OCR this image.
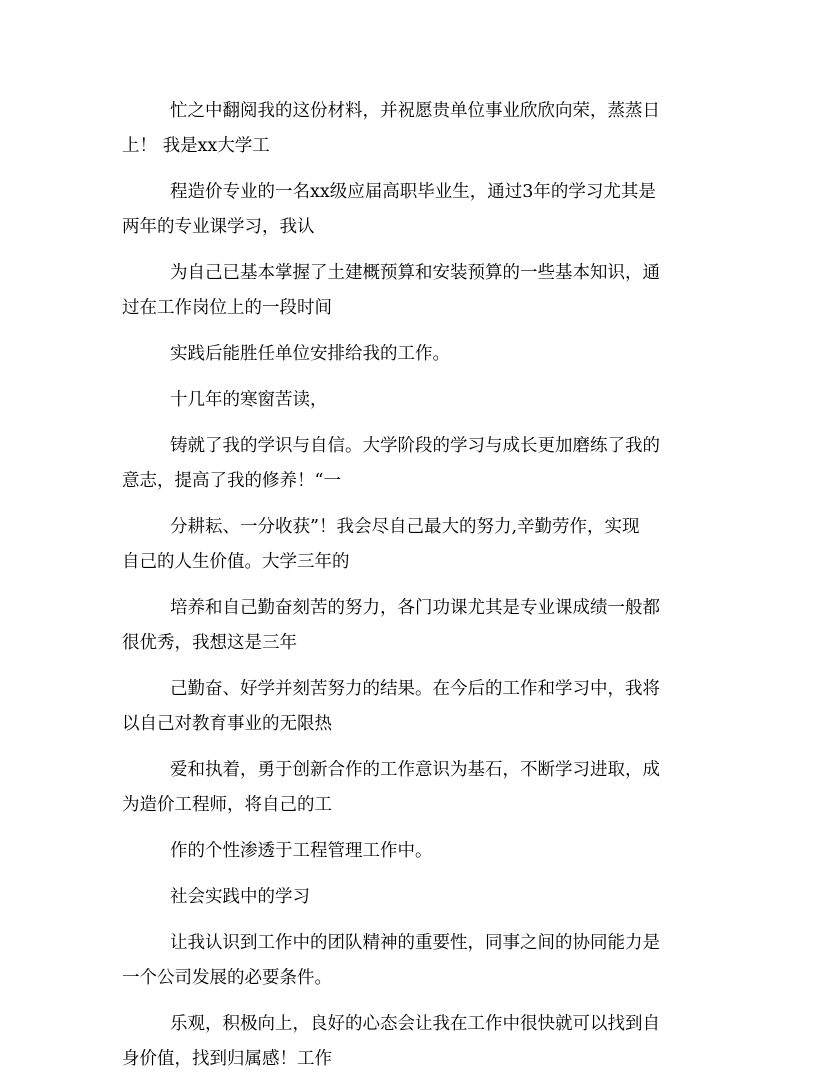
忙之中翻阅我的这份材料，并祝愿贵单位事业欣欣向荣，蒸蒸日
上！ 我是xx大学工

程造价专业的一名xx级应届高职毕业生，通过3年的学习尤其是
两年的专业课学习，我认

为自己已基本掌握了土建概预算和安装预算的一些基本知识，通
过在工作岗位上的一段时间

实践后能胜任单位安排给我的工作。

十几年的寒窗苦读，

铸就了我的学识与自信。大学阶段的学习与成长更加磨练了我的
意志，提高了我的修养！“一

分耕耘、一分收获”！我会尽自己最大的努力,辛勤劳作，实现
自己的人生价值。大学三年的

培养和自己勤奋刻苦的努力，各门功课尤其是专业课成绩一般都
很优秀，我想这是三年

己勤奋、好学并刻苦努力的结果。在今后的工作和学习中，我将
以自己对教育事业的无限热

爱和执着，勇于创新合作的工作意识为基石，不断学习进取，成
为造价工程师，将自己的工

作的个性渗透于工程管理工作中。

社会实践中的学习

让我认识到工作中的团队精神的重要性，同事之间的协同能力是
一个公司发展的必要条件。

乐观，积极向上，良好的心态会让我在工作中很快就可以找到自
身价值，找到归属感！工作
